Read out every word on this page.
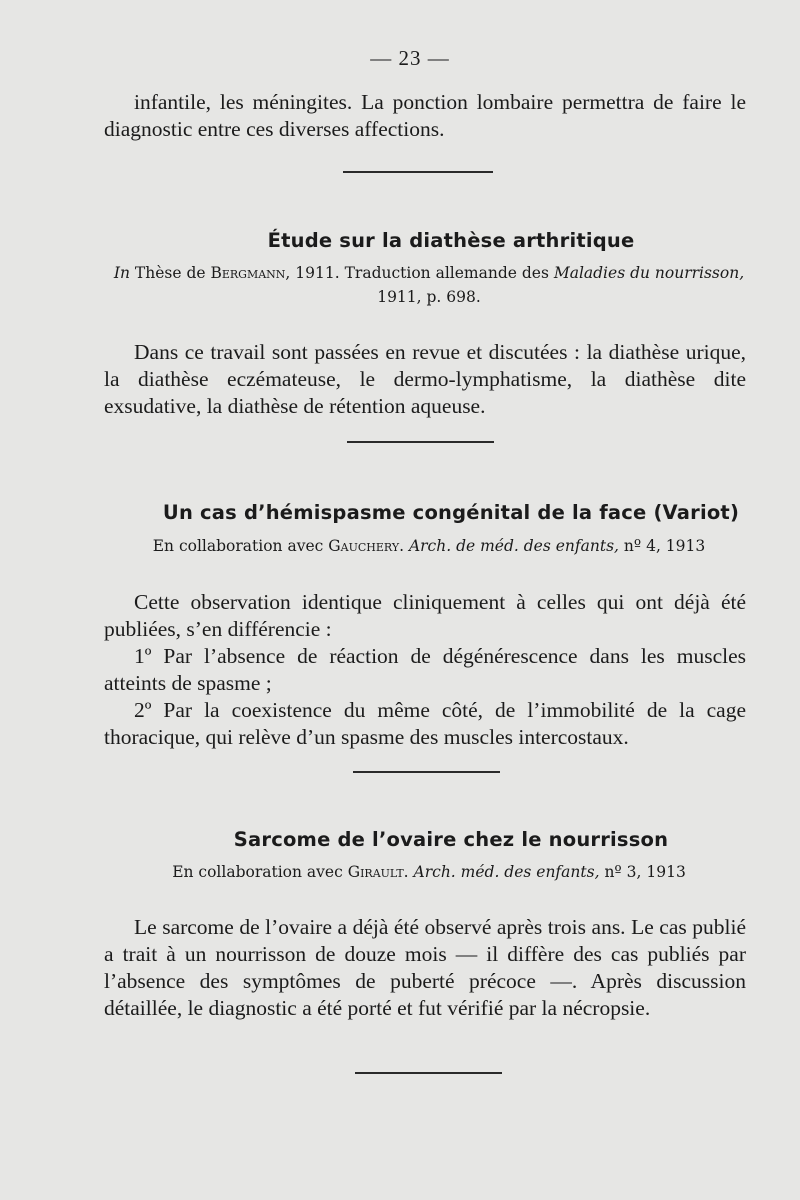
— 23 —

infantile, les méningites. La ponction lombaire permettra de faire le diagnostic entre ces diverses affections.

Étude sur la diathèse arthritique
In Thèse de Bergmann, 1911. Traduction allemande des Maladies du nourrisson,
1911, p. 698.

Dans ce travail sont passées en revue et discutées : la diathèse urique, la diathèse eczémateuse, le dermo-lymphatisme, la diathèse dite exsudative, la diathèse de rétention aqueuse.

Un cas d’hémispasme congénital de la face (Variot)
En collaboration avec Gauchery. Arch. de méd. des enfants, nº 4, 1913

Cette observation identique cliniquement à celles qui ont déjà été publiées, s’en différencie :

1º Par l’absence de réaction de dégénérescence dans les muscles atteints de spasme ;

2º Par la coexistence du même côté, de l’immobilité de la cage thoracique, qui relève d’un spasme des muscles intercostaux.

Sarcome de l’ovaire chez le nourrisson
En collaboration avec Girault. Arch. méd. des enfants, nº 3, 1913

Le sarcome de l’ovaire a déjà été observé après trois ans. Le cas publié a trait à un nourrisson de douze mois — il diffère des cas publiés par l’absence des symptômes de puberté précoce —. Après discussion détaillée, le diagnostic a été porté et fut vérifié par la nécropsie.
